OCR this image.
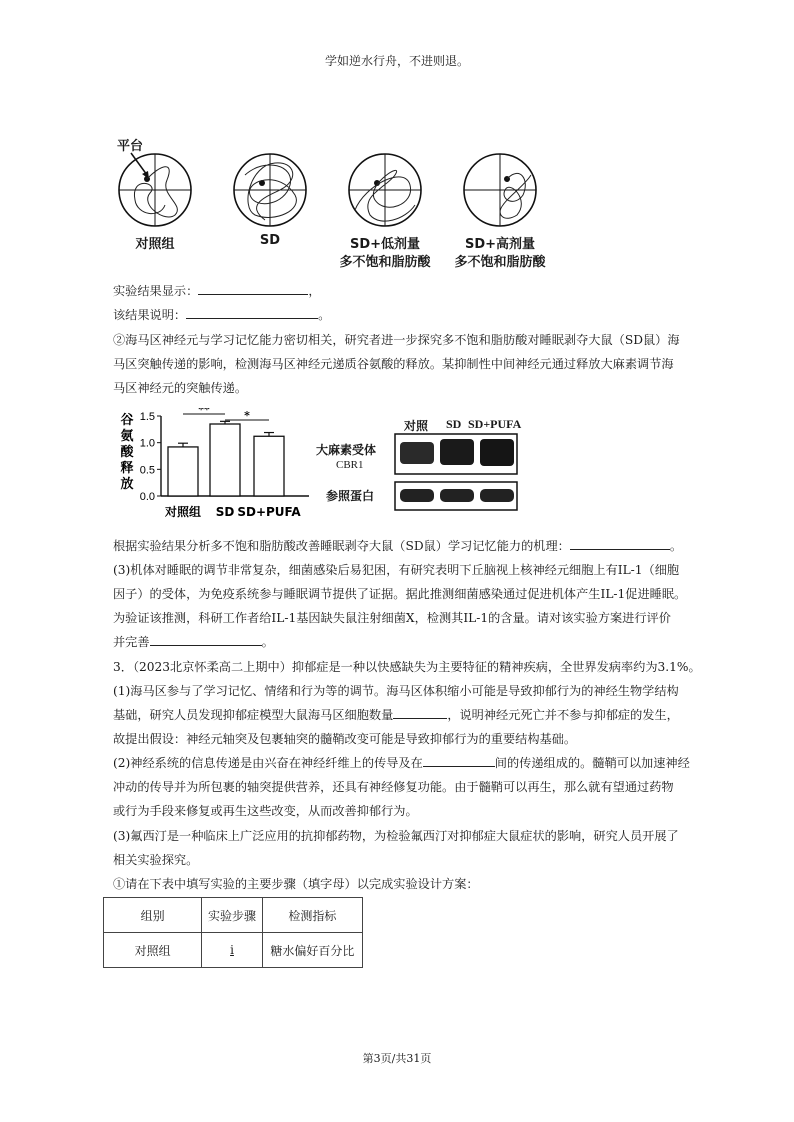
学如逆水行舟，不进则退。
平台
对照组	SD	SD+低剂量	SD+高剂量
多不饱和脂肪酸	多不饱和脂肪酸
实验结果显示：	，
该结果说明：	。
②海马区神经元与学习记忆能力密切相关，研究者进一步探究多不饱和脂肪酸对睡眠剥夺大鼠（SD鼠）海
马区突触传递的影响，检测海马区神经元递质谷氨酸的释放。某抑制性中间神经元通过释放大麻素调节海
马区神经元的突触传递。
0.0
0.5
1.0
1.5
谷
氨
酸
释
放
对照组 SD SD+PUFA
**	*
对照 SD SD+PUFA
大麻素受体
CBR1
参照蛋白
根据实验结果分析多不饱和脂肪酸改善睡眠剥夺大鼠（SD鼠）学习记忆能力的机理：	。
(3)机体对睡眠的调节非常复杂，细菌感染后易犯困，有研究表明下丘脑视上核神经元细胞上有IL-1（细胞
因子）的受体，为免疫系统参与睡眠调节提供了证据。据此推测细菌感染通过促进机体产生IL-1促进睡眠。
为验证该推测，科研工作者给IL-1基因缺失鼠注射细菌X，检测其IL-1的含量。请对该实验方案进行评价
并完善	。
3．（2023北京怀柔高二上期中）抑郁症是一种以快感缺失为主要特征的精神疾病，全世界发病率约为3.1%。
(1)海马区参与了学习记忆、情绪和行为等的调节。海马区体积缩小可能是导致抑郁行为的神经生物学结构
基础，研究人员发现抑郁症模型大鼠海马区细胞数量	，说明神经元死亡并不参与抑郁症的发生，
故提出假设：神经元轴突及包裹轴突的髓鞘改变可能是导致抑郁行为的重要结构基础。
(2)神经系统的信息传递是由兴奋在神经纤维上的传导及在	间的传递组成的。髓鞘可以加速神经
冲动的传导并为所包裹的轴突提供营养，还具有神经修复功能。由于髓鞘可以再生，那么就有望通过药物
或行为手段来修复或再生这些改变，从而改善抑郁行为。
(3)氟西汀是一种临床上广泛应用的抗抑郁药物，为检验氟西汀对抑郁症大鼠症状的影响，研究人员开展了
相关实验探究。
①请在下表中填写实验的主要步骤（填字母）以完成实验设计方案：
组别	实验步骤	检测指标
对照组	i	糖水偏好百分比
第3页/共31页
